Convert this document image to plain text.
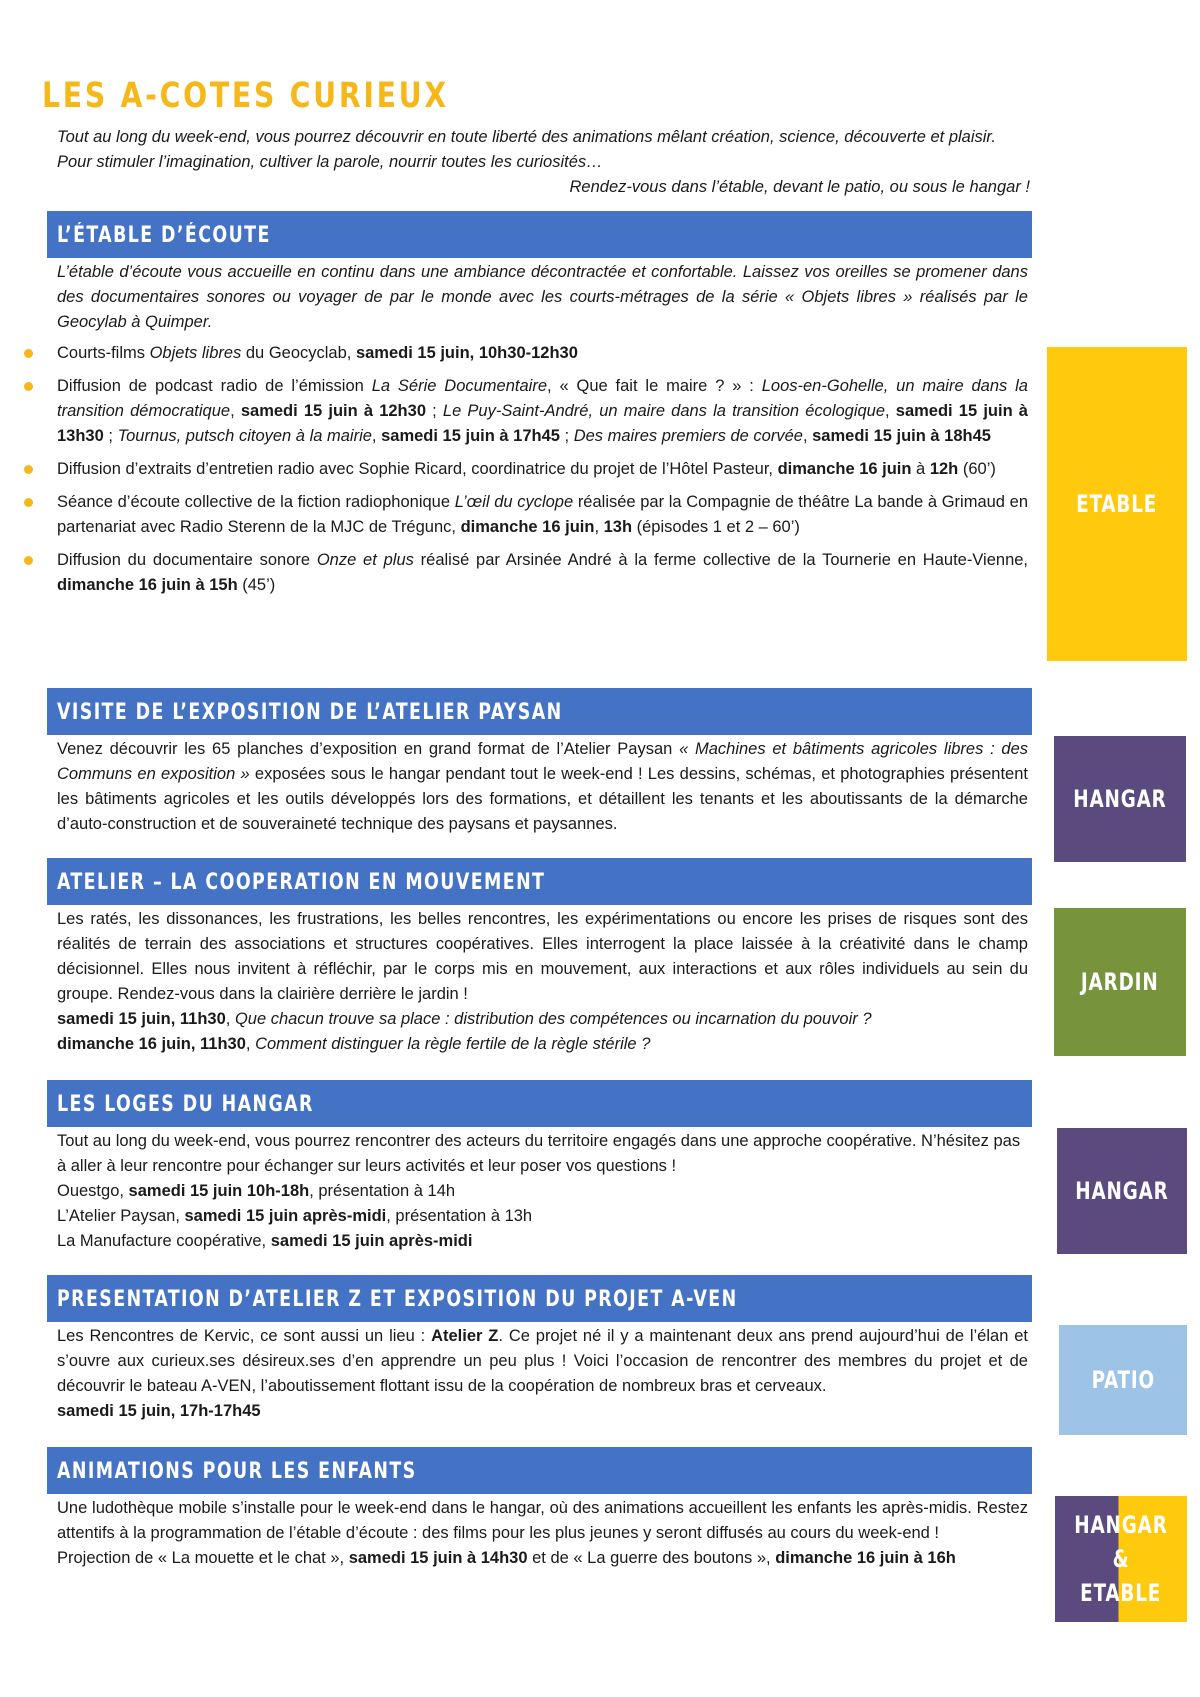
LES A-COTES CURIEUX

Tout au long du week-end, vous pourrez découvrir en toute liberté des animations mêlant création, science, découverte et plaisir. Pour stimuler l’imagination, cultiver la parole, nourrir toutes les curiosités…

Rendez-vous dans l’étable, devant le patio, ou sous le hangar !

L’ÉTABLE D’ÉCOUTE

L’étable d’écoute vous accueille en continu dans une ambiance décontractée et confortable. Laissez vos oreilles se promener dans des documentaires sonores ou voyager de par le monde avec les courts-métrages de la série « Objets libres » réalisés par le Geocylab à Quimper.

Courts-films Objets libres du Geocyclab, samedi 15 juin, 10h30-12h30
Diffusion de podcast radio de l’émission La Série Documentaire, « Que fait le maire ? » : Loos-en-Gohelle, un maire dans la transition démocratique, samedi 15 juin à 12h30 ; Le Puy-Saint-André, un maire dans la transition écologique, samedi 15 juin à 13h30 ; Tournus, putsch citoyen à la mairie, samedi 15 juin à 17h45 ; Des maires premiers de corvée, samedi 15 juin à 18h45
Diffusion d’extraits d’entretien radio avec Sophie Ricard, coordinatrice du projet de l’Hôtel Pasteur, dimanche 16 juin à 12h (60’)
Séance d’écoute collective de la fiction radiophonique L’œil du cyclope réalisée par la Compagnie de théâtre La bande à Grimaud en partenariat avec Radio Sterenn de la MJC de Trégunc, dimanche 16 juin, 13h (épisodes 1 et 2 – 60’)
Diffusion du documentaire sonore Onze et plus réalisé par Arsinée André à la ferme collective de la Tournerie en Haute-Vienne, dimanche 16 juin à 15h (45’)
VISITE DE L’EXPOSITION DE L’ATELIER PAYSAN

Venez découvrir les 65 planches d’exposition en grand format de l’Atelier Paysan « Machines et bâtiments agricoles libres : des Communs en exposition » exposées sous le hangar pendant tout le week-end ! Les dessins, schémas, et photographies présentent les bâtiments agricoles et les outils développés lors des formations, et détaillent les tenants et les aboutissants de la démarche d’auto-construction et de souveraineté technique des paysans et paysannes.

ATELIER – LA COOPERATION EN MOUVEMENT

Les ratés, les dissonances, les frustrations, les belles rencontres, les expérimentations ou encore les prises de risques sont des réalités de terrain des associations et structures coopératives. Elles interrogent la place laissée à la créativité dans le champ décisionnel. Elles nous invitent à réfléchir, par le corps mis en mouvement, aux interactions et aux rôles individuels au sein du groupe. Rendez-vous dans la clairière derrière le jardin !

samedi 15 juin, 11h30, Que chacun trouve sa place : distribution des compétences ou incarnation du pouvoir ?

dimanche 16 juin, 11h30, Comment distinguer la règle fertile de la règle stérile ?

LES LOGES DU HANGAR

Tout au long du week-end, vous pourrez rencontrer des acteurs du territoire engagés dans une approche coopérative. N’hésitez pas à aller à leur rencontre pour échanger sur leurs activités et leur poser vos questions !

Ouestgo, samedi 15 juin 10h-18h, présentation à 14h

L’Atelier Paysan, samedi 15 juin après-midi, présentation à 13h

La Manufacture coopérative, samedi 15 juin après-midi

PRESENTATION D’ATELIER Z ET EXPOSITION DU PROJET A-VEN

Les Rencontres de Kervic, ce sont aussi un lieu : Atelier Z. Ce projet né il y a maintenant deux ans prend aujourd’hui de l’élan et s’ouvre aux curieux.ses désireux.ses d’en apprendre un peu plus ! Voici l’occasion de rencontrer des membres du projet et de découvrir le bateau A-VEN, l’aboutissement flottant issu de la coopération de nombreux bras et cerveaux.

samedi 15 juin, 17h-17h45

ANIMATIONS POUR LES ENFANTS

Une ludothèque mobile s’installe pour le week-end dans le hangar, où des animations accueillent les enfants les après-midis. Restez attentifs à la programmation de l’étable d’écoute : des films pour les plus jeunes y seront diffusés au cours du week-end !

Projection de « La mouette et le chat », samedi 15 juin à 14h30 et de « La guerre des boutons », dimanche 16 juin à 16h

ETABLE
HANGAR
JARDIN
HANGAR
PATIO
HANGAR &
ETABLE
